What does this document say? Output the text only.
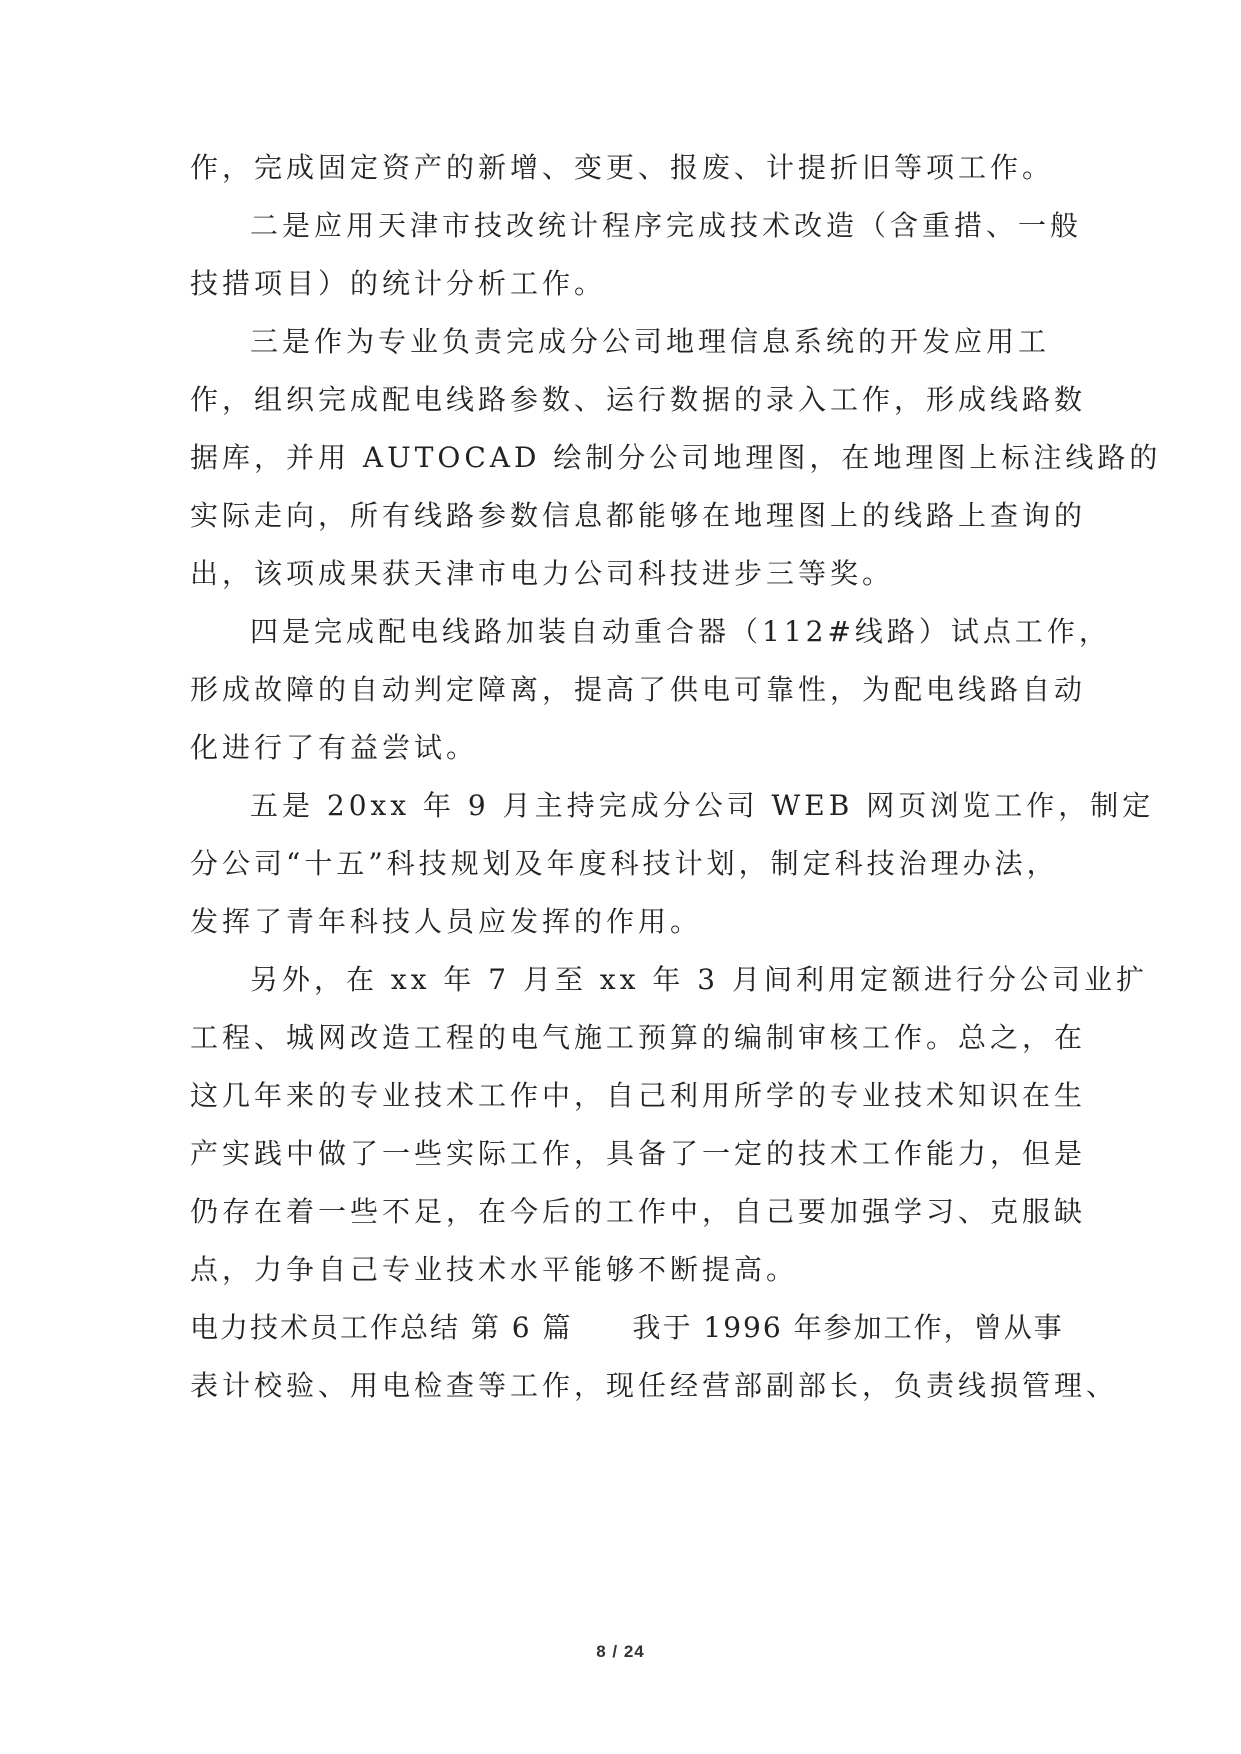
作，完成固定资产的新增、变更、报废、计提折旧等项工作。
二是应用天津市技改统计程序完成技术改造（含重措、一般
技措项目）的统计分析工作。
三是作为专业负责完成分公司地理信息系统的开发应用工
作，组织完成配电线路参数、运行数据的录入工作，形成线路数
据库，并用 AUTOCAD 绘制分公司地理图，在地理图上标注线路的
实际走向，所有线路参数信息都能够在地理图上的线路上查询的
出，该项成果获天津市电力公司科技进步三等奖。
四是完成配电线路加装自动重合器（112#线路）试点工作，
形成故障的自动判定障离，提高了供电可靠性，为配电线路自动
化进行了有益尝试。
五是 20xx 年 9 月主持完成分公司 WEB 网页浏览工作，制定
分公司“十五”科技规划及年度科技计划，制定科技治理办法，
发挥了青年科技人员应发挥的作用。
另外，在 xx 年 7 月至 xx 年 3 月间利用定额进行分公司业扩
工程、城网改造工程的电气施工预算的编制审核工作。总之，在
这几年来的专业技术工作中，自己利用所学的专业技术知识在生
产实践中做了一些实际工作，具备了一定的技术工作能力，但是
仍存在着一些不足，在今后的工作中，自己要加强学习、克服缺
点，力争自己专业技术水平能够不断提高。
电力技术员工作总结 第 6 篇 我于 1996 年参加工作，曾从事
表计校验、用电检查等工作，现任经营部副部长，负责线损管理、
8 / 24
